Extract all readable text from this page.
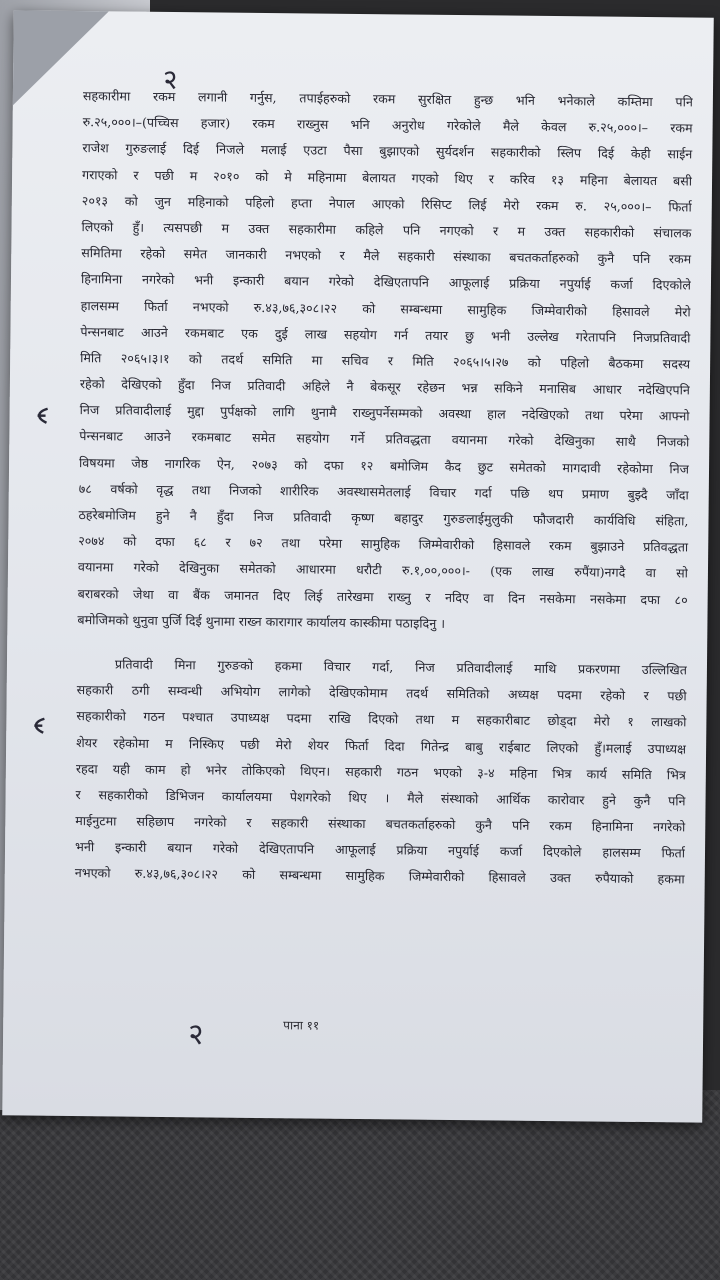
२
सहकारीमा रकम लगानी गर्नुस, तपाईहरुको रकम सुरक्षित हुन्छ भनि भनेकाले कम्तिमा पनि
रु.२५,०००।–(पच्चिस हजार) रकम राख्नुस भनि अनुरोध गरेकोले मैले केवल रु.२५,०००।– रकम
राजेश गुरुङलाई दिई निजले मलाई एउटा पैसा बुझाएको सुर्यदर्शन सहकारीको स्लिप दिई केही साईन
गराएको र पछी म २०१० को मे महिनामा बेलायत गएको थिए र करिव १३ महिना बेलायत बसी
२०१३ को जुन महिनाको पहिलो हप्ता नेपाल आएको रिसिप्ट लिई मेरो रकम रु. २५,०००।– फिर्ता
लिएको हुँ। त्यसपछी म उक्त सहकारीमा कहिले पनि नगएको र म उक्त सहकारीको संचालक
समितिमा रहेको समेत जानकारी नभएको र मैले सहकारी संस्थाका बचतकर्ताहरुको कुनै पनि रकम
हिनामिना नगरेको भनी इन्कारी बयान गरेको देखिएतापनि आफूलाई प्रक्रिया नपुर्याई कर्जा दिएकोले
हालसम्म फिर्ता नभएको रु.४३,७६,३०८।२२ को सम्बन्धमा सामुहिक जिम्मेवारीको हिसावले मेरो
पेन्सनबाट आउने रकमबाट एक दुई लाख सहयोग गर्न तयार छु भनी उल्लेख गरेतापनि निजप्रतिवादी
मिति २०६५।३।१ को तदर्थ समिति मा सचिव र मिति २०६५।५।२७ को पहिलो बैठकमा सदस्य
रहेको देखिएको हुँदा निज प्रतिवादी अहिले नै बेकसूर रहेछन भन्न सकिने मनासिब आधार नदेखिएपनि
निज प्रतिवादीलाई मुद्दा पुर्पक्षको लागि थुनामै राख्नुपर्नेसम्मको अवस्था हाल नदेखिएको तथा परेमा आफ्नो
पेन्सनबाट आउने रकमबाट समेत सहयोग गर्ने प्रतिवद्धता वयानमा गरेको देखिनुका साथै निजको
विषयमा जेष्ठ नागरिक ऐन, २०७३ को दफा १२ बमोजिम कैद छुट समेतको मागदावी रहेकोमा निज
७८ वर्षको वृद्ध तथा निजको शारीरिक अवस्थासमेतलाई विचार गर्दा पछि थप प्रमाण बुझ्दै जाँदा
ठहरेबमोजिम हुने नै हुँदा निज प्रतिवादी कृष्ण बहादुर गुरुङलाईमुलुकी फौजदारी कार्यविधि संहिता,
२०७४ को दफा ६८ र ७२ तथा परेमा सामुहिक जिम्मेवारीको हिसावले रकम बुझाउने प्रतिवद्धता
वयानमा गरेको देखिनुका समेतको आधारमा धरौटी रु.१,००,०००।- (एक लाख रुपैंया)नगदै वा सो
बराबरको जेथा वा बैंक जमानत दिए लिई तारेखमा राख्नु र नदिए वा दिन नसकेमा नसकेमा दफा ८०
बमोजिमको थुनुवा पुर्जि दिई थुनामा राख्न कारागार कार्यालय कास्कीमा पठाइदिनु ।
प्रतिवादी मिना गुरुङको हकमा विचार गर्दा, निज प्रतिवादीलाई माथि प्रकरणमा उल्लिखित
सहकारी ठगी सम्वन्धी अभियोग लागेको देखिएकोमाम तदर्थ समितिको अध्यक्ष पदमा रहेको र पछी
सहकारीको गठन पश्चात उपाध्यक्ष पदमा राखि दिएको तथा म सहकारीबाट छोड्दा मेरो १ लाखको
शेयर रहेकोमा म निस्किए पछी मेरो शेयर फिर्ता दिदा गितेन्द्र बाबु राईबाट लिएको हुँ।मलाई उपाध्यक्ष
रहदा यही काम हो भनेर तोकिएको थिएन। सहकारी गठन भएको ३-४ महिना भित्र कार्य समिति भित्र
र सहकारीको डिभिजन कार्यालयमा पेशगरेको थिए । मैले संस्थाको आर्थिक कारोवार हुने कुनै पनि
माईनुटमा सहिछाप नगरेको र सहकारी संस्थाका बचतकर्ताहरुको कुनै पनि रकम हिनामिना नगरेको
भनी इन्कारी बयान गरेको देखिएतापनि आफूलाई प्रक्रिया नपुर्याई कर्जा दिएकोले हालसम्म फिर्ता
नभएको रु.४३,७६,३०८।२२ को सम्बन्धमा सामुहिक जिम्मेवारीको हिसावले उक्त रुपैयाको हकमा
पाना ११
२
